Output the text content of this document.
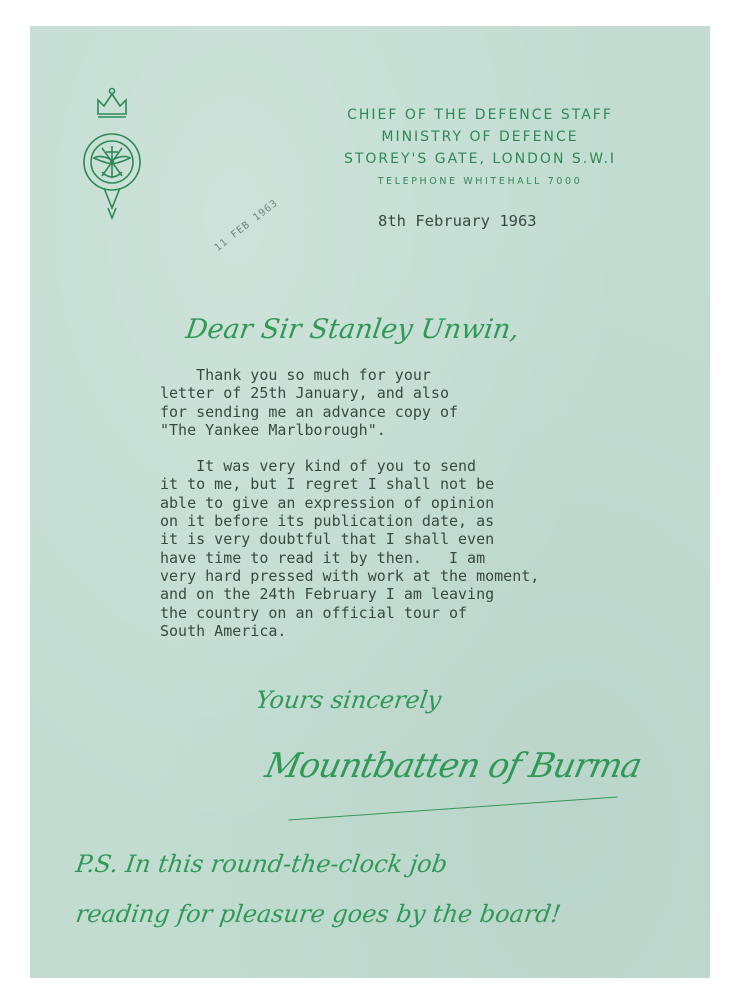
CHIEF OF THE DEFENCE STAFF
MINISTRY OF DEFENCE
STOREY'S GATE, LONDON S.W.I
TELEPHONE WHITEHALL 7000
8th February 1963
11 FEB 1963
Dear Sir Stanley Unwin,

Thank you so much for your
letter of 25th January, and also
for sending me an advance copy of
"The Yankee Marlborough".

It was very kind of you to send
it to me, but I regret I shall not be
able to give an expression of opinion
on it before its publication date, as
it is very doubtful that I shall even
have time to read it by then.   I am
very hard pressed with work at the moment,
and on the 24th February I am leaving
the country on an official tour of
South America.

Yours sincerely
Mountbatten of Burma
P.S. In this round-the-clock job
reading for pleasure goes by the board!
